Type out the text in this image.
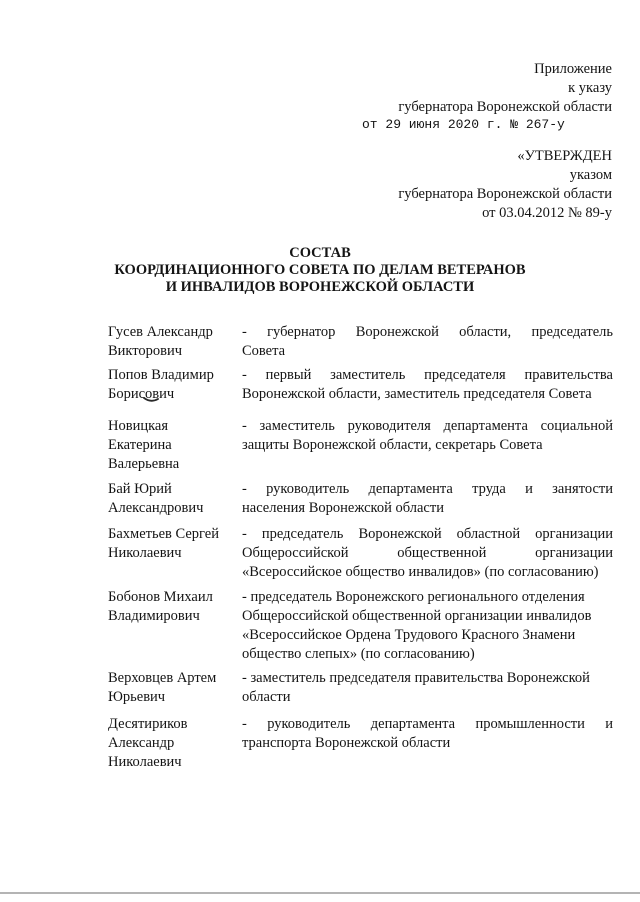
Приложение
к указу
губернатора Воронежской области
от 29 июня 2020 г. № 267-у
«УТВЕРЖДЕН
указом
губернатора Воронежской области
от 03.04.2012 № 89-у
СОСТАВ
КООРДИНАЦИОННОГО СОВЕТА ПО ДЕЛАМ ВЕТЕРАНОВ
И ИНВАЛИДОВ ВОРОНЕЖСКОЙ ОБЛАСТИ
Гусев Александр
Викторович
- губернатор Воронежской области, председатель
Совета
Попов Владимир
Борисович
- первый заместитель председателя правительства
Воронежской области, заместитель председателя Совета
Новицкая
Екатерина
Валерьевна
- заместитель руководителя департамента социальной
защиты Воронежской области, секретарь Совета
Бай Юрий
Александрович
- руководитель департамента труда и занятости
населения Воронежской области
Бахметьев Сергей
Николаевич
- председатель Воронежской областной организации
Общероссийской общественной организации
«Всероссийское общество инвалидов» (по согласованию)
Бобонов Михаил
Владимирович
- председатель Воронежского регионального отделения
Общероссийской общественной организации инвалидов
«Всероссийское Ордена Трудового Красного Знамени
общество слепых» (по согласованию)
Верховцев Артем
Юрьевич
- заместитель председателя правительства Воронежской
области
Десятириков
Александр
Николаевич
- руководитель департамента промышленности и
транспорта Воронежской области
